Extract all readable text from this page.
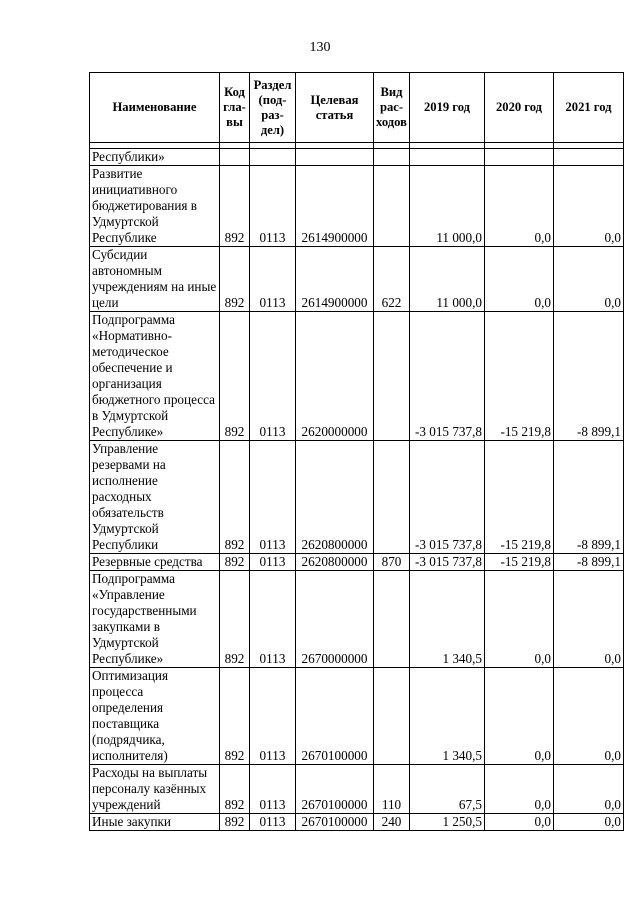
130
Наименование	Код гла- вы	Раздел (под- раз- дел)	Целевая статья	Вид рас- ходов	2019 год	2020 год	2021 год

Республики»							
Развитие инициативного бюджетирования в Удмуртской Республике	892	0113	2614900000		11 000,0	0,0	0,0
Субсидии автономным учреждениям на иные цели	892	0113	2614900000	622	11 000,0	0,0	0,0
Подпрограмма «Нормативно-методическое обеспечение и организация бюджетного процесса в Удмуртской Республике»	892	0113	2620000000		-3 015 737,8	-15 219,8	-8 899,1
Управление резервами на исполнение расходных обязательств Удмуртской Республики	892	0113	2620800000		-3 015 737,8	-15 219,8	-8 899,1
Резервные средства	892	0113	2620800000	870	-3 015 737,8	-15 219,8	-8 899,1
Подпрограмма «Управление государственными закупками в Удмуртской Республике»	892	0113	2670000000		1 340,5	0,0	0,0
Оптимизация процесса определения поставщика (подрядчика, исполнителя)	892	0113	2670100000		1 340,5	0,0	0,0
Расходы на выплаты персоналу казённых учреждений	892	0113	2670100000	110	67,5	0,0	0,0
Иные закупки	892	0113	2670100000	240	1 250,5	0,0	0,0
